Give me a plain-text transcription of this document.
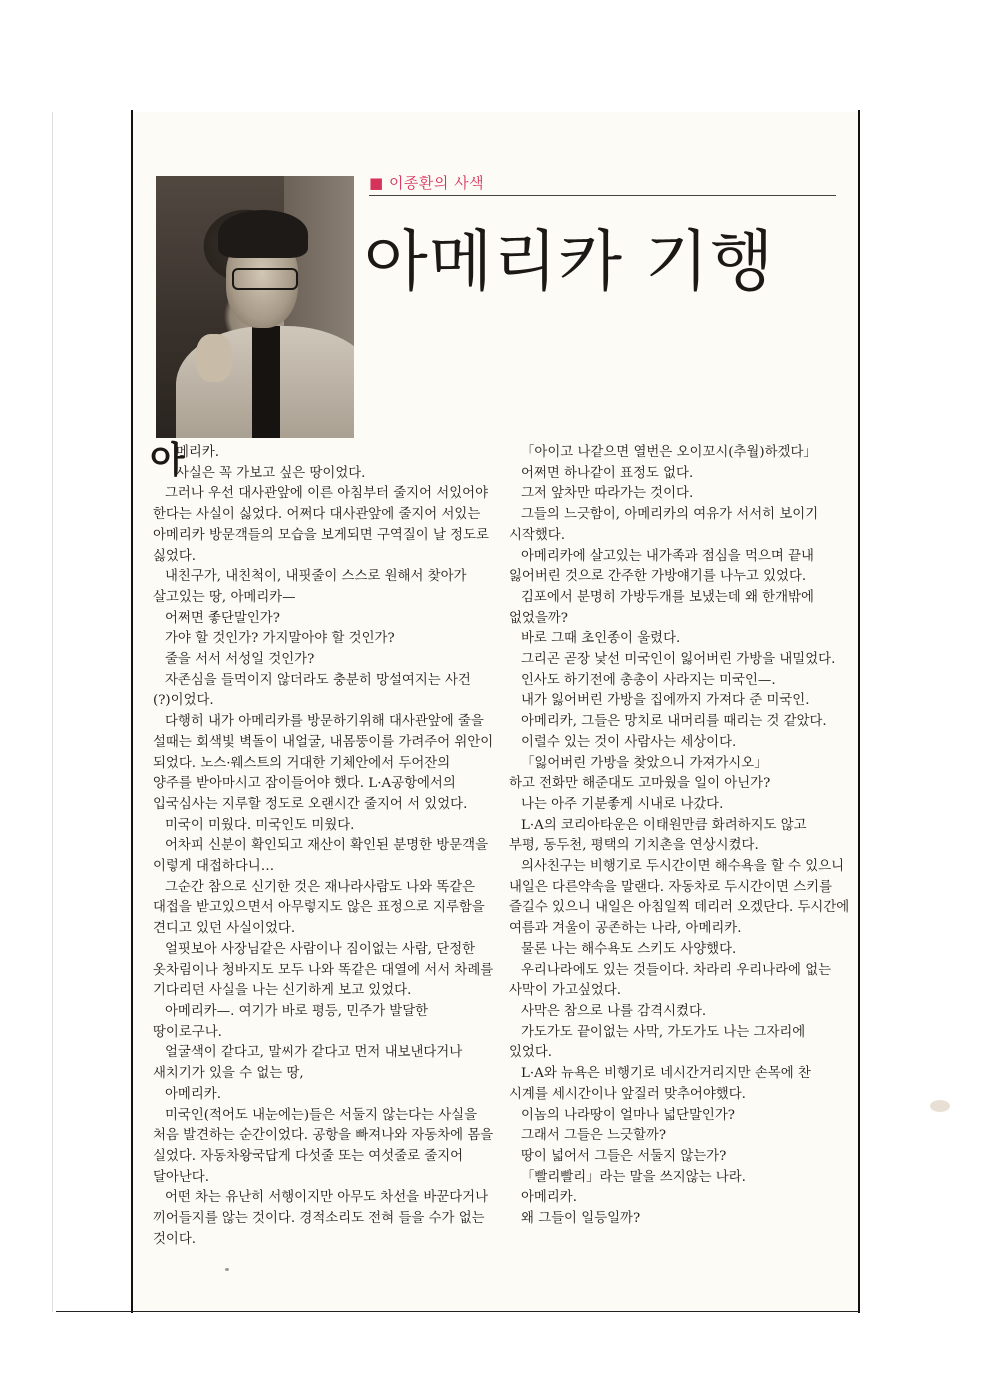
■ 이종환의 사색
아메리카 기행
아

메리카.

사실은 꼭 가보고 싶은 땅이었다.

그러나 우선 대사관앞에 이른 아침부터 줄지어 서있어야

한다는 사실이 싫었다. 어쩌다 대사관앞에 줄지어 서있는

아메리카 방문객들의 모습을 보게되면 구역질이 날 정도로

싫었다.

내친구가, 내친척이, 내핏줄이 스스로 원해서 찾아가

살고있는 땅, 아메리카—

어쩌면 좋단말인가?

가야 할 것인가? 가지말아야 할 것인가?

줄을 서서 서성일 것인가?

자존심을 들먹이지 않더라도 충분히 망설여지는 사건

(?)이었다.

다행히 내가 아메리카를 방문하기위해 대사관앞에 줄을

설때는 회색빛 벽돌이 내얼굴, 내몸뚱이를 가려주어 위안이

되었다. 노스·웨스트의 거대한 기체안에서 두어잔의

양주를 받아마시고 잠이들어야 했다. L·A공항에서의

입국심사는 지루할 정도로 오랜시간 줄지어 서 있었다.

미국이 미웠다. 미국인도 미웠다.

어차피 신분이 확인되고 재산이 확인된 분명한 방문객을

이렇게 대접하다니…

그순간 참으로 신기한 것은 재나라사람도 나와 똑같은

대접을 받고있으면서 아무렇지도 않은 표정으로 지루함을

견디고 있던 사실이었다.

얼핏보아 사장님같은 사람이나 짐이없는 사람, 단정한

옷차림이나 청바지도 모두 나와 똑같은 대열에 서서 차례를

기다리던 사실을 나는 신기하게 보고 있었다.

아메리카—. 여기가 바로 평등, 민주가 발달한

땅이로구나.

얼굴색이 같다고, 말씨가 같다고 먼저 내보낸다거나

새치기가 있을 수 없는 땅,

아메리카.

미국인(적어도 내눈에는)들은 서둘지 않는다는 사실을

처음 발견하는 순간이었다. 공항을 빠져나와 자동차에 몸을

실었다. 자동차왕국답게 다섯줄 또는 여섯줄로 줄지어

달아난다.

어떤 차는 유난히 서행이지만 아무도 차선을 바꾼다거나

끼어들지를 않는 것이다. 경적소리도 전혀 들을 수가 없는

것이다.

「아이고 나같으면 열번은 오이꼬시(추월)하겠다」

어쩌면 하나같이 표정도 없다.

그저 앞차만 따라가는 것이다.

그들의 느긋함이, 아메리카의 여유가 서서히 보이기

시작했다.

아메리카에 살고있는 내가족과 점심을 먹으며 끝내

잃어버린 것으로 간주한 가방얘기를 나누고 있었다.

김포에서 분명히 가방두개를 보냈는데 왜 한개밖에

없었을까?

바로 그때 초인종이 울렸다.

그리곤 곧장 낯선 미국인이 잃어버린 가방을 내밀었다.

인사도 하기전에 총총이 사라지는 미국인—.

내가 잃어버린 가방을 집에까지 가져다 준 미국인.

아메리카, 그들은 망치로 내머리를 때리는 것 같았다.

이럴수 있는 것이 사람사는 세상이다.

「잃어버린 가방을 찾았으니 가져가시오」

하고 전화만 해준대도 고마웠을 일이 아닌가?

나는 아주 기분좋게 시내로 나갔다.

L·A의 코리아타운은 이태원만큼 화려하지도 않고

부평, 동두천, 평택의 기치촌을 연상시켰다.

의사친구는 비행기로 두시간이면 해수욕을 할 수 있으니

내일은 다른약속을 말랜다. 자동차로 두시간이면 스키를

즐길수 있으니 내일은 아침일찍 데리러 오겠단다. 두시간에

여름과 겨울이 공존하는 나라, 아메리카.

물론 나는 해수욕도 스키도 사양했다.

우리나라에도 있는 것들이다. 차라리 우리나라에 없는

사막이 가고싶었다.

사막은 참으로 나를 감격시켰다.

가도가도 끝이없는 사막, 가도가도 나는 그자리에

있었다.

L·A와 뉴욕은 비행기로 네시간거리지만 손목에 찬

시계를 세시간이나 앞질러 맞추어야했다.

이놈의 나라땅이 얼마나 넓단말인가?

그래서 그들은 느긋할까?

땅이 넓어서 그들은 서둘지 않는가?

「빨리빨리」라는 말을 쓰지않는 나라.

아메리카.

왜 그들이 일등일까?
